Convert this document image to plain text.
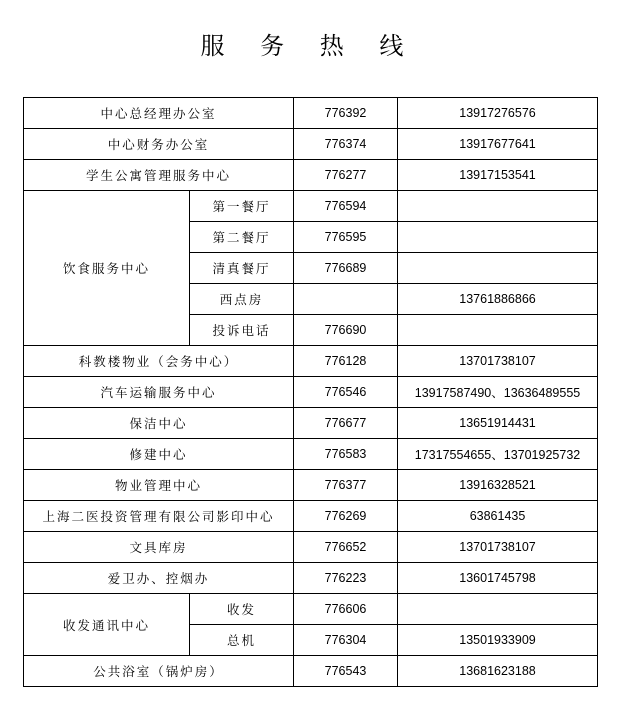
服 务 热 线
中心总经理办公室		776392	13917276576
中心财务办公室		776374	13917677641
学生公寓管理服务中心		776277	13917153541
饮食服务中心	第一餐厅	776594	
	第二餐厅	776595	
	清真餐厅	776689	
	西点房		13761886866
	投诉电话	776690	
科教楼物业（会务中心）		776128	13701738107
汽车运输服务中心		776546	13917587490、13636489555
保洁中心		776677	13651914431
修建中心		776583	17317554655、13701925732
物业管理中心		776377	13916328521
上海二医投资管理有限公司影印中心		776269	63861435
文具库房		776652	13701738107
爱卫办、控烟办		776223	13601745798
收发通讯中心	收发	776606	
	总机	776304	13501933909
公共浴室（锅炉房）		776543	13681623188
